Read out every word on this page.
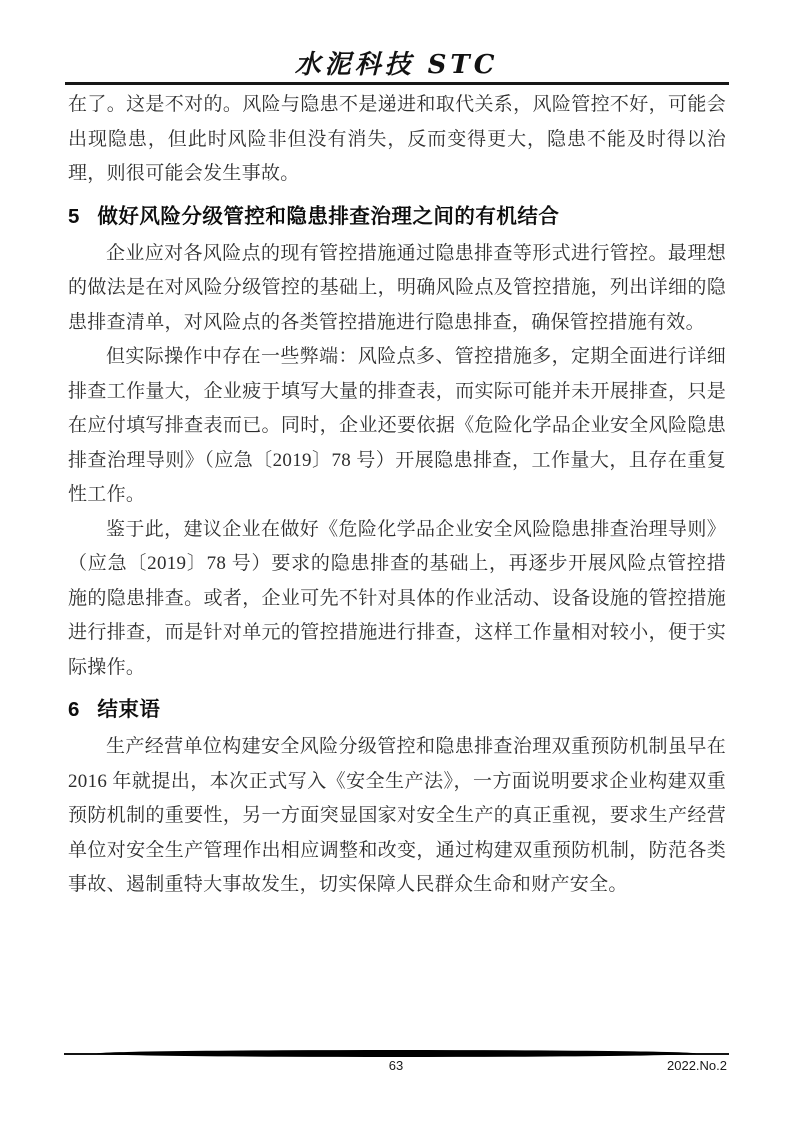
水泥科技 STC

在了。这是不对的。风险与隐患不是递进和取代关系，风险管控不好，可能会出现隐患，但此时风险非但没有消失，反而变得更大，隐患不能及时得以治理，则很可能会发生事故。

5 做好风险分级管控和隐患排查治理之间的有机结合

企业应对各风险点的现有管控措施通过隐患排查等形式进行管控。最理想的做法是在对风险分级管控的基础上，明确风险点及管控措施，列出详细的隐患排查清单，对风险点的各类管控措施进行隐患排查，确保管控措施有效。

但实际操作中存在一些弊端：风险点多、管控措施多，定期全面进行详细排查工作量大，企业疲于填写大量的排查表，而实际可能并未开展排查，只是在应付填写排查表而已。同时，企业还要依据《危险化学品企业安全风险隐患排查治理导则》（应急〔2019〕78 号）开展隐患排查，工作量大，且存在重复性工作。

鉴于此，建议企业在做好《危险化学品企业安全风险隐患排查治理导则》（应急〔2019〕78 号）要求的隐患排查的基础上，再逐步开展风险点管控措施的隐患排查。或者，企业可先不针对具体的作业活动、设备设施的管控措施进行排查，而是针对单元的管控措施进行排查，这样工作量相对较小，便于实际操作。

6 结束语

生产经营单位构建安全风险分级管控和隐患排查治理双重预防机制虽早在 2016 年就提出，本次正式写入《安全生产法》，一方面说明要求企业构建双重预防机制的重要性，另一方面突显国家对安全生产的真正重视，要求生产经营单位对安全生产管理作出相应调整和改变，通过构建双重预防机制，防范各类事故、遏制重特大事故发生，切实保障人民群众生命和财产安全。

63	2022.No.2
